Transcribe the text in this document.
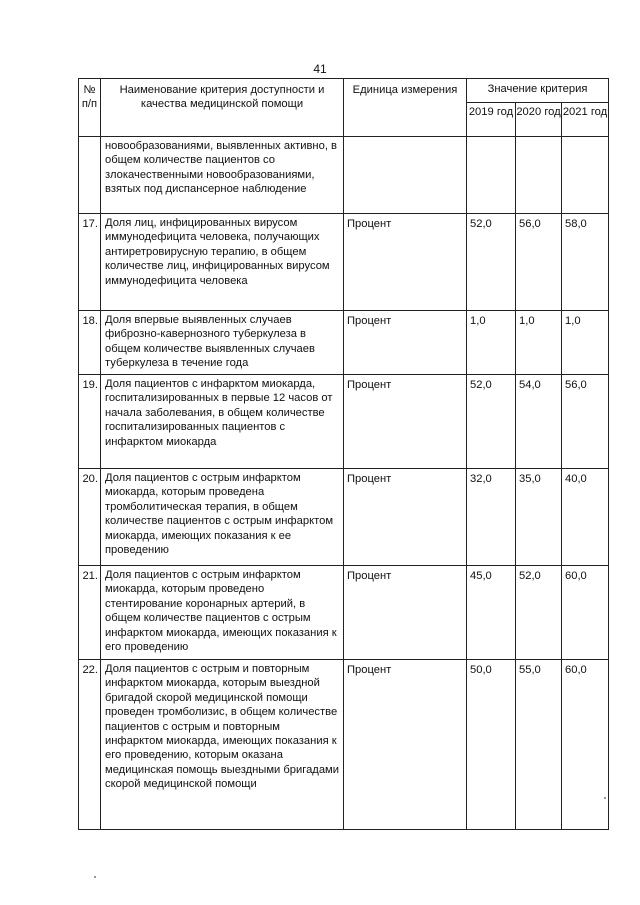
41
№ п/п	Наименование критерия доступности и качества медицинской помощи	Единица измерения	Значение критерия		
			2019 год	2020 год	2021 год
	новообразованиями, выявленных активно, в общем количестве пациентов со злокачественными новообразованиями, взятых под диспансерное наблюдение				
17.	Доля лиц, инфицированных вирусом иммунодефицита человека, получающих антиретровирусную терапию, в общем количестве лиц, инфицированных вирусом иммунодефицита человека	Процент	52,0	56,0	58,0
18.	Доля впервые выявленных случаев фиброзно-кавернозного туберкулеза в общем количестве выявленных случаев туберкулеза в течение года	Процент	1,0	1,0	1,0
19.	Доля пациентов с инфарктом миокарда, госпитализированных в первые 12 часов от начала заболевания, в общем количестве госпитализированных пациентов с инфарктом миокарда	Процент	52,0	54,0	56,0
20.	Доля пациентов с острым инфарктом миокарда, которым проведена тромболитическая терапия, в общем количестве пациентов с острым инфарктом миокарда, имеющих показания к ее проведению	Процент	32,0	35,0	40,0
21.	Доля пациентов с острым инфарктом миокарда, которым проведено стентирование коронарных артерий, в общем количестве пациентов с острым инфарктом миокарда, имеющих показания к его проведению	Процент	45,0	52,0	60,0
22.	Доля пациентов с острым и повторным инфарктом миокарда, которым выездной бригадой скорой медицинской помощи проведен тромболизис, в общем количестве пациентов с острым и повторным инфарктом миокарда, имеющих показания к его проведению, которым оказана медицинская помощь выездными бригадами скорой медицинской помощи	Процент	50,0	55,0	60,0
